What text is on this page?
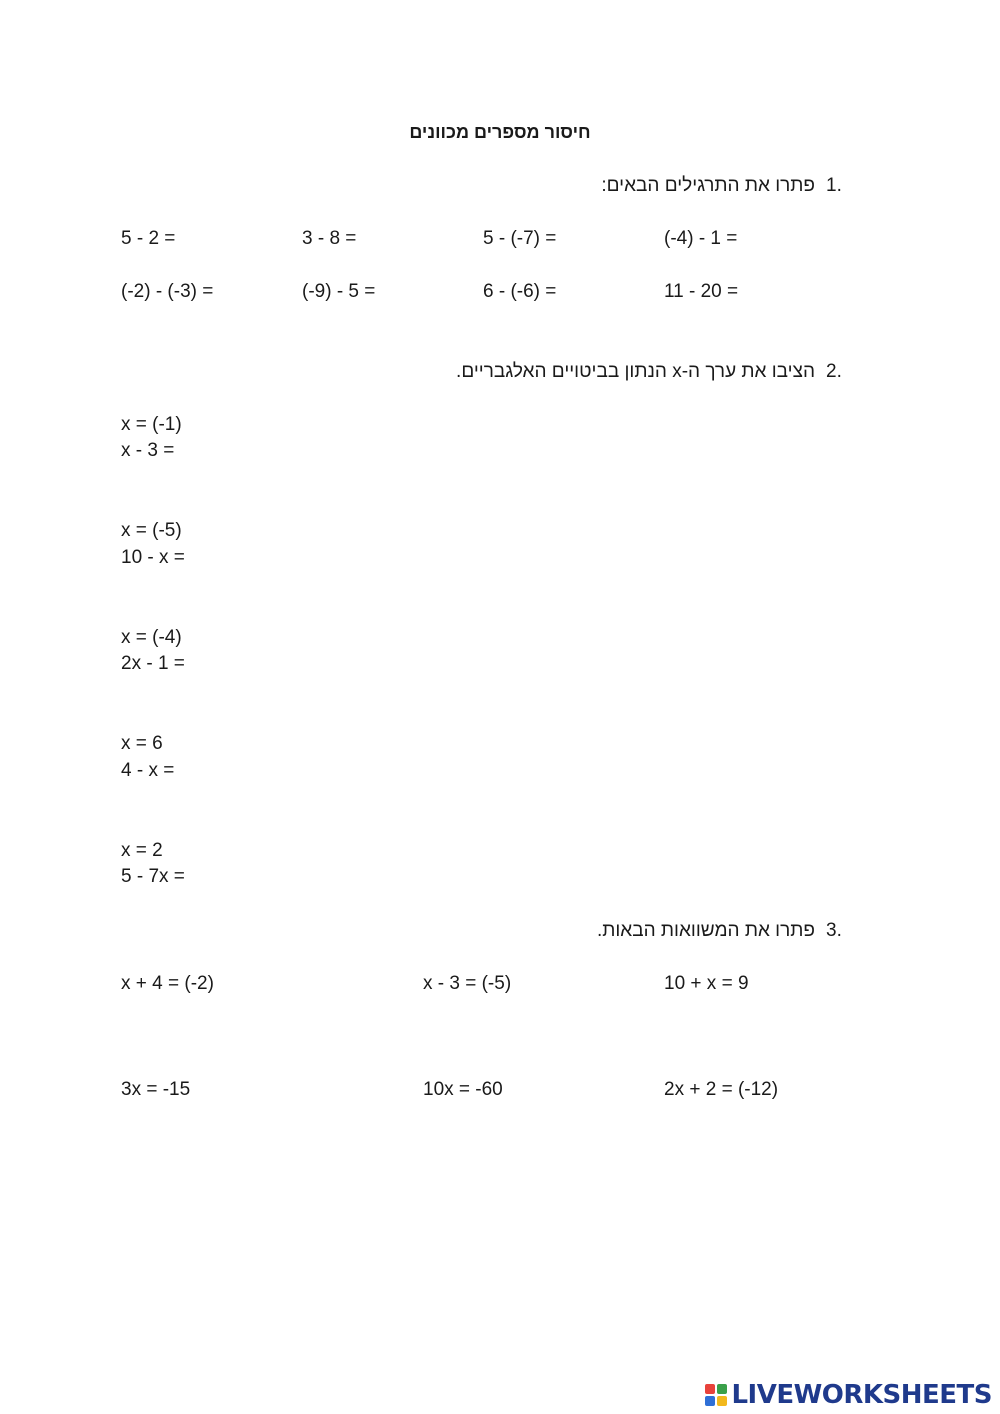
חיסור מספרים מכוונים
1.
פתרו את התרגילים הבאים:
5 - 2 =	3 - 8 =	5 - (-7) =	(-4) - 1 =
(-2) - (-3) =	(-9) - 5 =	6 - (-6) =	11 - 20 =
2.
הציבו את ערך ה-x הנתון בביטויים האלגבריים.
x = (-1)
x - 3 =
x = (-5)
10 - x =
x = (-4)
2x - 1 =
x = 6
4 - x =
x = 2
5 - 7x =
3.
פתרו את המשוואות הבאות.
x + 4 = (-2)	x - 3 = (-5)	10 + x = 9
3x = -15	10x = -60	2x + 2 = (-12)
LIVEWORKSHEETS
